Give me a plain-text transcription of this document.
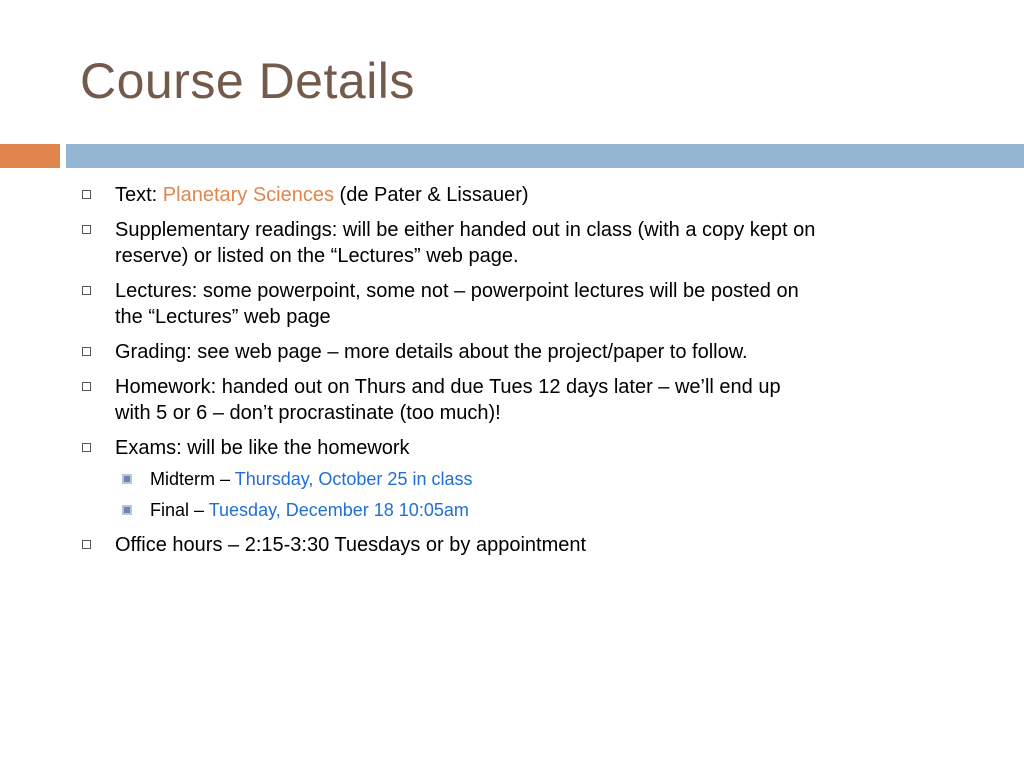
Course Details
Text: Planetary Sciences (de Pater & Lissauer)
Supplementary readings: will be either handed out in class (with a copy kept on
reserve) or listed on the “Lectures” web page.
Lectures: some powerpoint, some not – powerpoint lectures will be posted on
the “Lectures” web page
Grading: see web page – more details about the project/paper to follow.
Homework: handed out on Thurs and due Tues 12 days later – we’ll end up
with 5 or 6 – don’t procrastinate (too much)!
Exams: will be like the homework
Midterm – Thursday, October 25 in class
Final – Tuesday, December 18 10:05am
Office hours – 2:15-3:30 Tuesdays or by appointment
